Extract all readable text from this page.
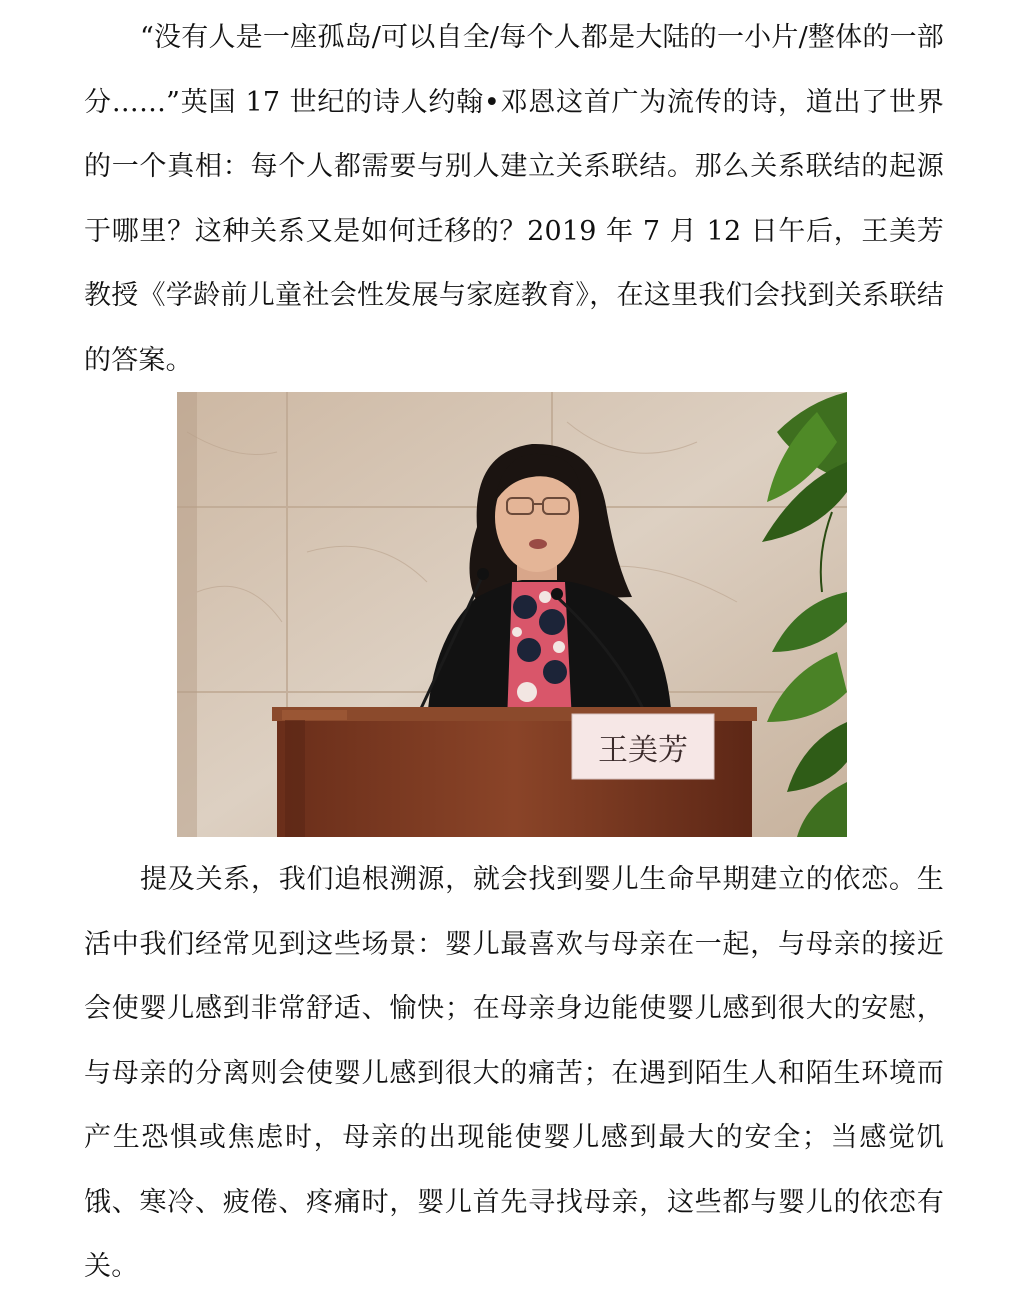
“没有人是一座孤岛/可以自全/每个人都是大陆的一小片/整体的一部分……”英国 17 世纪的诗人约翰•邓恩这首广为流传的诗，道出了世界的一个真相：每个人都需要与别人建立关系联结。那么关系联结的起源于哪里？这种关系又是如何迁移的？2019 年 7 月 12 日午后，王美芳教授《学龄前儿童社会性发展与家庭教育》，在这里我们会找到关系联结的答案。

王美芳

提及关系，我们追根溯源，就会找到婴儿生命早期建立的依恋。生活中我们经常见到这些场景：婴儿最喜欢与母亲在一起，与母亲的接近会使婴儿感到非常舒适、愉快；在母亲身边能使婴儿感到很大的安慰，与母亲的分离则会使婴儿感到很大的痛苦；在遇到陌生人和陌生环境而产生恐惧或焦虑时，母亲的出现能使婴儿感到最大的安全；当感觉饥饿、寒冷、疲倦、疼痛时，婴儿首先寻找母亲，这些都与婴儿的依恋有关。
